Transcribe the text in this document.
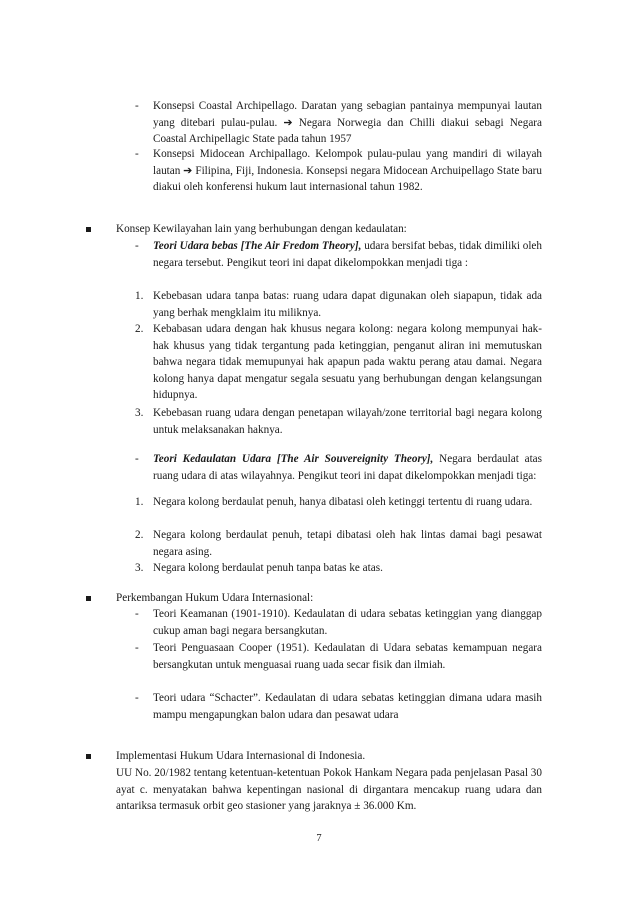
- Konsepsi Coastal Archipellago. Daratan yang sebagian pantainya mempunyai lautan yang ditebari pulau-pulau. ➔ Negara Norwegia dan Chilli diakui sebagi Negara Coastal Archipellagic State pada tahun 1957

- Konsepsi Midocean Archipallago. Kelompok pulau-pulau yang mandiri di wilayah lautan ➔ Filipina, Fiji, Indonesia. Konsepsi negara Midocean Archuipellago State baru diakui oleh konferensi hukum laut internasional tahun 1982.

Konsep Kewilayahan lain yang berhubungan dengan kedaulatan:

- Teori Udara bebas [The Air Fredom Theory], udara bersifat bebas, tidak dimiliki oleh negara tersebut. Pengikut teori ini dapat dikelompokkan menjadi tiga :

1. Kebebasan udara tanpa batas: ruang udara dapat digunakan oleh siapapun, tidak ada yang berhak mengklaim itu miliknya.

2. Kebabasan udara dengan hak khusus negara kolong: negara kolong mempunyai hak-hak khusus yang tidak tergantung pada ketinggian, penganut aliran ini memutuskan bahwa negara tidak memupunyai hak apapun pada waktu perang atau damai. Negara kolong hanya dapat mengatur segala sesuatu yang berhubungan dengan kelangsungan hidupnya.

3. Kebebasan ruang udara dengan penetapan wilayah/zone territorial bagi negara kolong untuk melaksanakan haknya.

- Teori Kedaulatan Udara [The Air Souvereignity Theory], Negara berdaulat atas ruang udara di atas wilayahnya. Pengikut teori ini dapat dikelompokkan menjadi tiga:

1. Negara kolong berdaulat penuh, hanya dibatasi oleh ketinggi tertentu di ruang udara.

2. Negara kolong berdaulat penuh, tetapi dibatasi oleh hak lintas damai bagi pesawat negara asing.

3. Negara kolong berdaulat penuh tanpa batas ke atas.

Perkembangan Hukum Udara Internasional:

- Teori Keamanan (1901-1910). Kedaulatan di udara sebatas ketinggian yang dianggap cukup aman bagi negara bersangkutan.

- Teori Penguasaan Cooper (1951). Kedaulatan di Udara sebatas kemampuan negara bersangkutan untuk menguasai ruang uada secar fisik dan ilmiah.

- Teori udara “Schacter”. Kedaulatan di udara sebatas ketinggian dimana udara masih mampu mengapungkan balon udara dan pesawat udara

Implementasi Hukum Udara Internasional di Indonesia.

UU No. 20/1982 tentang ketentuan-ketentuan Pokok Hankam Negara pada penjelasan Pasal 30 ayat c. menyatakan bahwa kepentingan nasional di dirgantara mencakup ruang udara dan antariksa termasuk orbit geo stasioner yang jaraknya ± 36.000 Km.

7
